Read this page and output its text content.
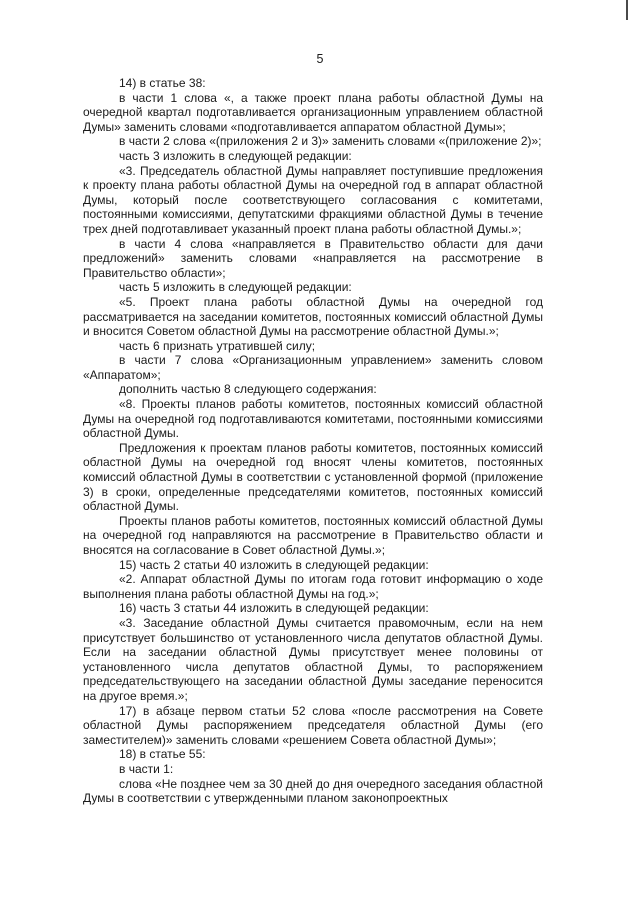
5

14) в статье 38:

в части 1 слова «, а также проект плана работы областной Думы на очередной квартал подготавливается организационным управлением областной Думы» заменить словами «подготавливается аппаратом областной Думы»;

в части 2 слова «(приложения 2 и 3)» заменить словами «(приложение 2)»;

часть 3 изложить в следующей редакции:

«3. Председатель областной Думы направляет поступившие предложения к проекту плана работы областной Думы на очередной год в аппарат областной Думы, который после соответствующего согласования с комитетами, постоянными комиссиями, депутатскими фракциями областной Думы в течение трех дней подготавливает указанный проект плана работы областной Думы.»;

в части 4 слова «направляется в Правительство области для дачи предложений» заменить словами «направляется на рассмотрение в Правительство области»;

часть 5 изложить в следующей редакции:

«5. Проект плана работы областной Думы на очередной год рассматривается на заседании комитетов, постоянных комиссий областной Думы и вносится Советом областной Думы на рассмотрение областной Думы.»;

часть 6 признать утратившей силу;

в части 7 слова «Организационным управлением» заменить словом «Аппаратом»;

дополнить частью 8 следующего содержания:

«8. Проекты планов работы комитетов, постоянных комиссий областной Думы на очередной год подготавливаются комитетами, постоянными комиссиями областной Думы.

Предложения к проектам планов работы комитетов, постоянных комиссий областной Думы на очередной год вносят члены комитетов, постоянных комиссий областной Думы в соответствии с установленной формой (приложение 3) в сроки, определенные председателями комитетов, постоянных комиссий областной Думы.

Проекты планов работы комитетов, постоянных комиссий областной Думы на очередной год направляются на рассмотрение в Правительство области и вносятся на согласование в Совет областной Думы.»;

15) часть 2 статьи 40 изложить в следующей редакции:

«2. Аппарат областной Думы по итогам года готовит информацию о ходе выполнения плана работы областной Думы на год.»;

16) часть 3 статьи 44 изложить в следующей редакции:

«3. Заседание областной Думы считается правомочным, если на нем присутствует большинство от установленного числа депутатов областной Думы. Если на заседании областной Думы присутствует менее половины от установленного числа депутатов областной Думы, то распоряжением председательствующего на заседании областной Думы заседание переносится на другое время.»;

17) в абзаце первом статьи 52 слова «после рассмотрения на Совете областной Думы распоряжением председателя областной Думы (его заместителем)» заменить словами «решением Совета областной Думы»;

18) в статье 55:

в части 1:

слова «Не позднее чем за 30 дней до дня очередного заседания областной Думы в соответствии с утвержденными планом законопроектных
